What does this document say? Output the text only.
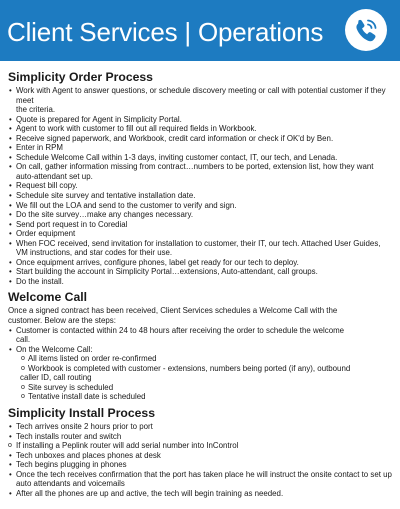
Client Services | Operations
Simplicity Order Process
• Work with Agent to answer questions, or schedule discovery meeting or call with potential customer if they meet
the criteria.
• Quote is prepared for Agent in Simplicity Portal.
• Agent to work with customer to fill out all required fields in Workbook.
• Receive signed paperwork, and Workbook, credit card information or check if OK'd by Ben.
• Enter in RPM
• Schedule Welcome Call within 1-3 days, inviting customer contact, IT, our tech, and Lenada.
• On call, gather information missing from contract…numbers to be ported, extension list, how they want
auto-attendant set up.
• Request bill copy.
• Schedule site survey and tentative installation date.
• We fill out the LOA and send to the customer to verify and sign.
• Do the site survey…make any changes necessary.
• Send port request in to Coredial
• Order equipment
• When FOC received, send invitation for installation to customer, their IT, our tech. Attached User Guides,
VM instructions, and star codes for their use.
• Once equipment arrives, configure phones, label get ready for our tech to deploy.
• Start building the account in Simplicity Portal…extensions, Auto-attendant, call groups.
• Do the install.
Welcome Call

Once a signed contract has been received, Client Services schedules a Welcome Call with the
customer. Below are the steps:

• Customer is contacted within 24 to 48 hours after receiving the order to schedule the welcome
call.
• On the Welcome Call:
o All items listed on order re-confirmed
o Workbook is completed with customer - extensions, numbers being ported (if any), outbound
caller ID, call routing
o Site survey is scheduled
o Tentative install date is scheduled
Simplicity Install Process
• Tech arrives onsite 2 hours prior to port
• Tech installs router and switch
o If installing a Peplink router will add serial number into InControl
• Tech unboxes and places phones at desk
• Tech begins plugging in phones
• Once the tech receives confirmation that the port has taken place he will instruct the onsite contact to set up
auto attendants and voicemails
• After all the phones are up and active, the tech will begin training as needed.
